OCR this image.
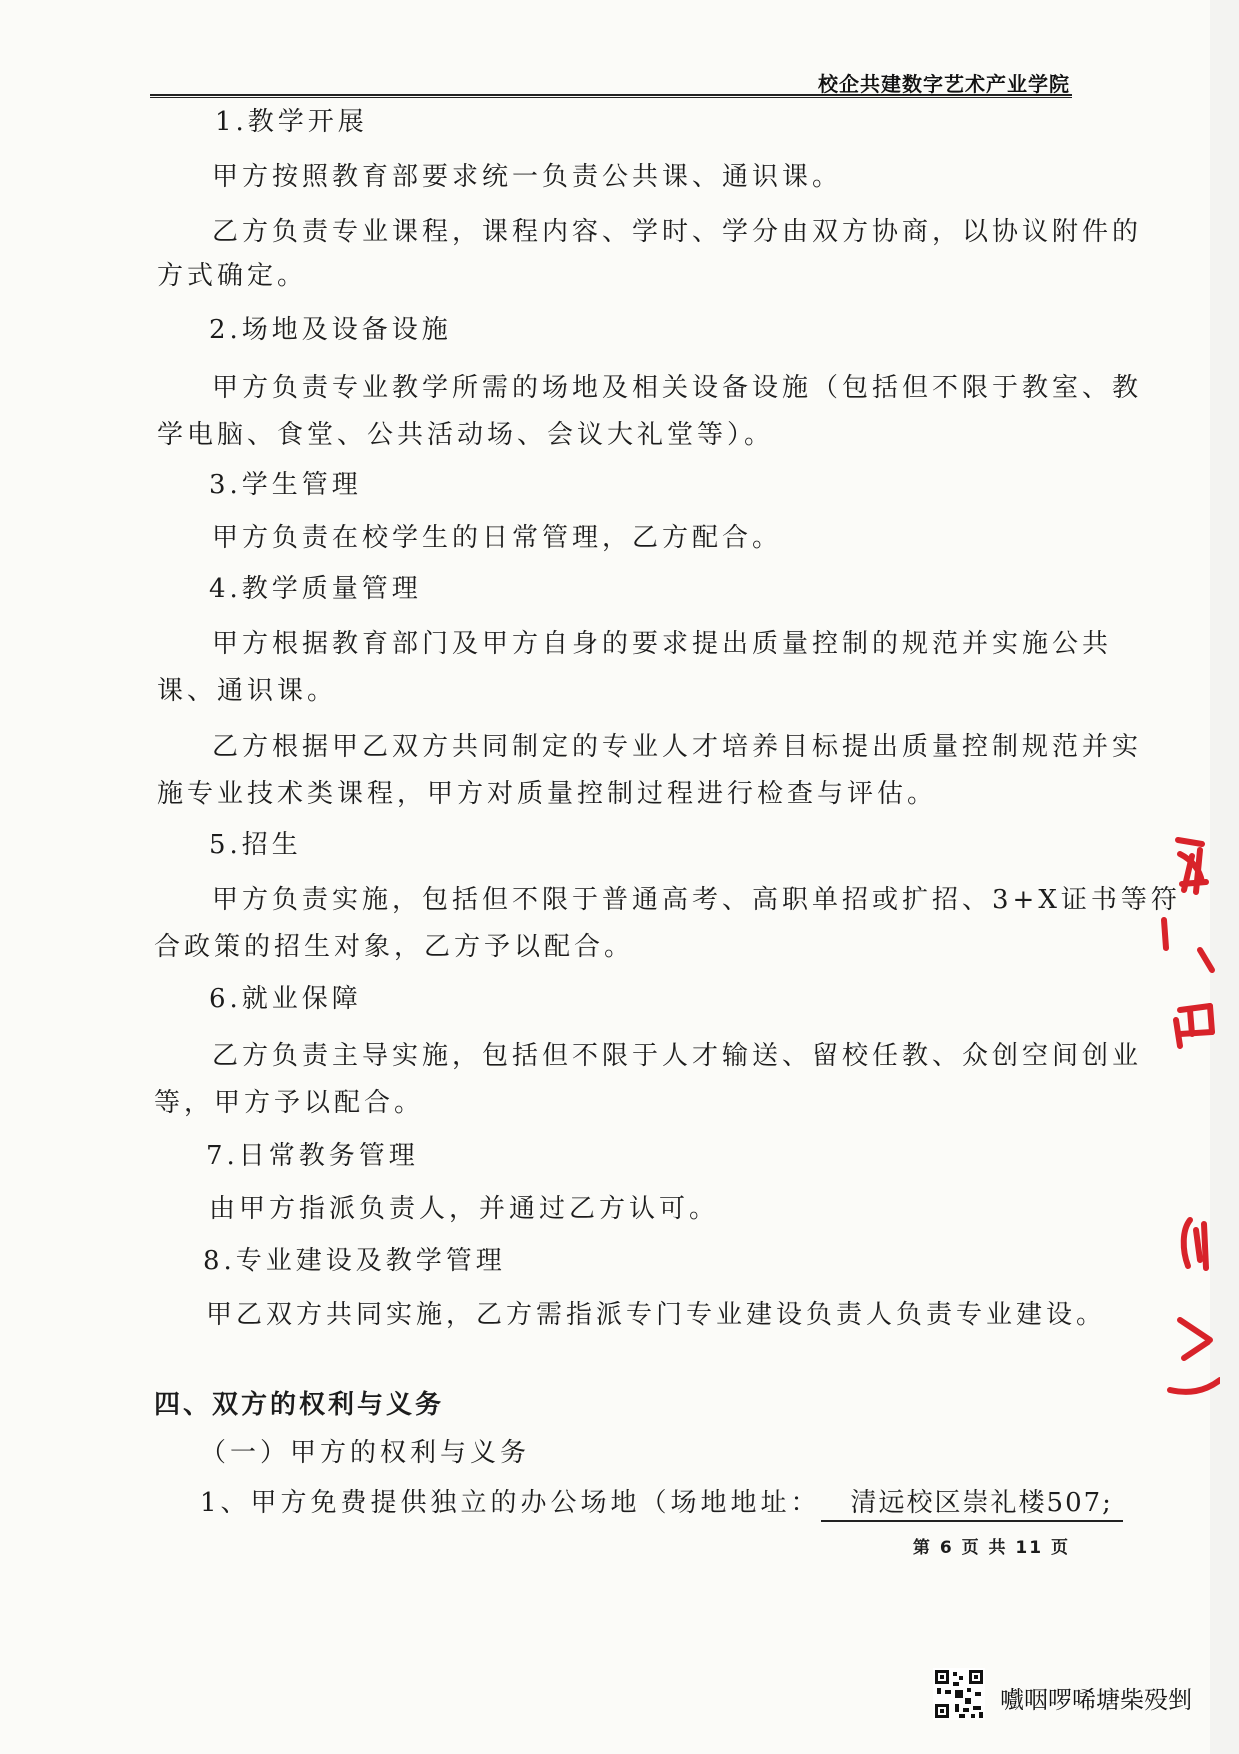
校企共建数字艺术产业学院
1.教学开展
甲方按照教育部要求统一负责公共课、通识课。
乙方负责专业课程，课程内容、学时、学分由双方协商，以协议附件的
方式确定。
2.场地及设备设施
甲方负责专业教学所需的场地及相关设备设施（包括但不限于教室、教
学电脑、食堂、公共活动场、会议大礼堂等）。
3.学生管理
甲方负责在校学生的日常管理，乙方配合。
4.教学质量管理
甲方根据教育部门及甲方自身的要求提出质量控制的规范并实施公共
课、通识课。
乙方根据甲乙双方共同制定的专业人才培养目标提出质量控制规范并实
施专业技术类课程，甲方对质量控制过程进行检查与评估。
5.招生
甲方负责实施，包括但不限于普通高考、高职单招或扩招、3+X证书等符
合政策的招生对象，乙方予以配合。
6.就业保障
乙方负责主导实施，包括但不限于人才输送、留校任教、众创空间创业
等，甲方予以配合。
7.日常教务管理
由甲方指派负责人，并通过乙方认可。
8.专业建设及教学管理
甲乙双方共同实施，乙方需指派专门专业建设负责人负责专业建设。
四、双方的权利与义务
（一）甲方的权利与义务
1、甲方免费提供独立的办公场地（场地地址： 清远校区崇礼楼507;
第 6 页 共 11 页
嚱咽啰唏塘柴殁剉
